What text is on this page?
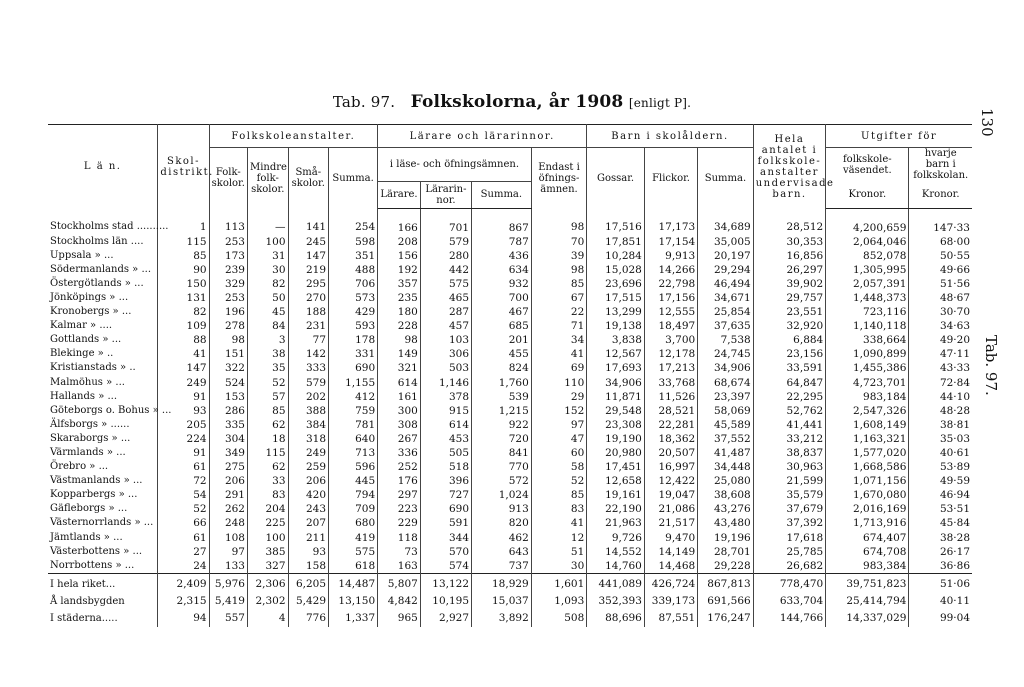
Tab. 97. Folkskolorna, år 1908 [enligt P].
130
Tab. 97.
L ä n.	Skol-distrikt.	Folkskoleanstalter.				Lärare och lärarinnor.				Barn i skolåldern.			Hela antalet i folkskole-anstalter undervisade barn.	Utgifter för	
		Folk-skolor.	Mindre folk-skolor.	Små-skolor.	Summa.	i läse- och öfningsämnen.			Endast i öfnings-ämnen.	Gossar.	Flickor.	Summa.		folkskole-väsendet.	hvarje barn i folkskolan.
						Lärare.	Lärarin-nor.	Summa.						Kronor.	Kronor.
Stockholms stad ..........	1	113	—	141	254	166	701	867	98	17,516	17,173	34,689	28,512	4,200,659	147·33
Stockholms län ....	115	253	100	245	598	208	579	787	70	17,851	17,154	35,005	30,353	2,064,046	68·00
Uppsala » ...	85	173	31	147	351	156	280	436	39	10,284	9,913	20,197	16,856	852,078	50·55
Södermanlands » ...	90	239	30	219	488	192	442	634	98	15,028	14,266	29,294	26,297	1,305,995	49·66
Östergötlands » ...	150	329	82	295	706	357	575	932	85	23,696	22,798	46,494	39,902	2,057,391	51·56
Jönköpings » ...	131	253	50	270	573	235	465	700	67	17,515	17,156	34,671	29,757	1,448,373	48·67
Kronobergs » ...	82	196	45	188	429	180	287	467	22	13,299	12,555	25,854	23,551	723,116	30·70
Kalmar » ....	109	278	84	231	593	228	457	685	71	19,138	18,497	37,635	32,920	1,140,118	34·63
Gottlands » ...	88	98	3	77	178	98	103	201	34	3,838	3,700	7,538	6,884	338,664	49·20
Blekinge » ..	41	151	38	142	331	149	306	455	41	12,567	12,178	24,745	23,156	1,090,899	47·11
Kristianstads » ..	147	322	35	333	690	321	503	824	69	17,693	17,213	34,906	33,591	1,455,386	43·33
Malmöhus » ...	249	524	52	579	1,155	614	1,146	1,760	110	34,906	33,768	68,674	64,847	4,723,701	72·84
Hallands » ...	91	153	57	202	412	161	378	539	29	11,871	11,526	23,397	22,295	983,184	44·10
Göteborgs o. Bohus » ...	93	286	85	388	759	300	915	1,215	152	29,548	28,521	58,069	52,762	2,547,326	48·28
Älfsborgs » ......	205	335	62	384	781	308	614	922	97	23,308	22,281	45,589	41,441	1,608,149	38·81
Skaraborgs » ...	224	304	18	318	640	267	453	720	47	19,190	18,362	37,552	33,212	1,163,321	35·03
Värmlands » ...	91	349	115	249	713	336	505	841	60	20,980	20,507	41,487	38,837	1,577,020	40·61
Örebro » ...	61	275	62	259	596	252	518	770	58	17,451	16,997	34,448	30,963	1,668,586	53·89
Västmanlands » ...	72	206	33	206	445	176	396	572	52	12,658	12,422	25,080	21,599	1,071,156	49·59
Kopparbergs » ...	54	291	83	420	794	297	727	1,024	85	19,161	19,047	38,608	35,579	1,670,080	46·94
Gäfleborgs » ...	52	262	204	243	709	223	690	913	83	22,190	21,086	43,276	37,679	2,016,169	53·51
Västernorrlands » ...	66	248	225	207	680	229	591	820	41	21,963	21,517	43,480	37,392	1,713,916	45·84
Jämtlands » ...	61	108	100	211	419	118	344	462	12	9,726	9,470	19,196	17,618	674,407	38·28
Västerbottens » ...	27	97	385	93	575	73	570	643	51	14,552	14,149	28,701	25,785	674,708	26·17
Norrbottens » ...	24	133	327	158	618	163	574	737	30	14,760	14,468	29,228	26,682	983,384	36·86
I hela riket...	2,409	5,976	2,306	6,205	14,487	5,807	13,122	18,929	1,601	441,089	426,724	867,813	778,470	39,751,823	51·06
Å landsbygden	2,315	5,419	2,302	5,429	13,150	4,842	10,195	15,037	1,093	352,393	339,173	691,566	633,704	25,414,794	40·11
I städerna.....	94	557	4	776	1,337	965	2,927	3,892	508	88,696	87,551	176,247	144,766	14,337,029	99·04
